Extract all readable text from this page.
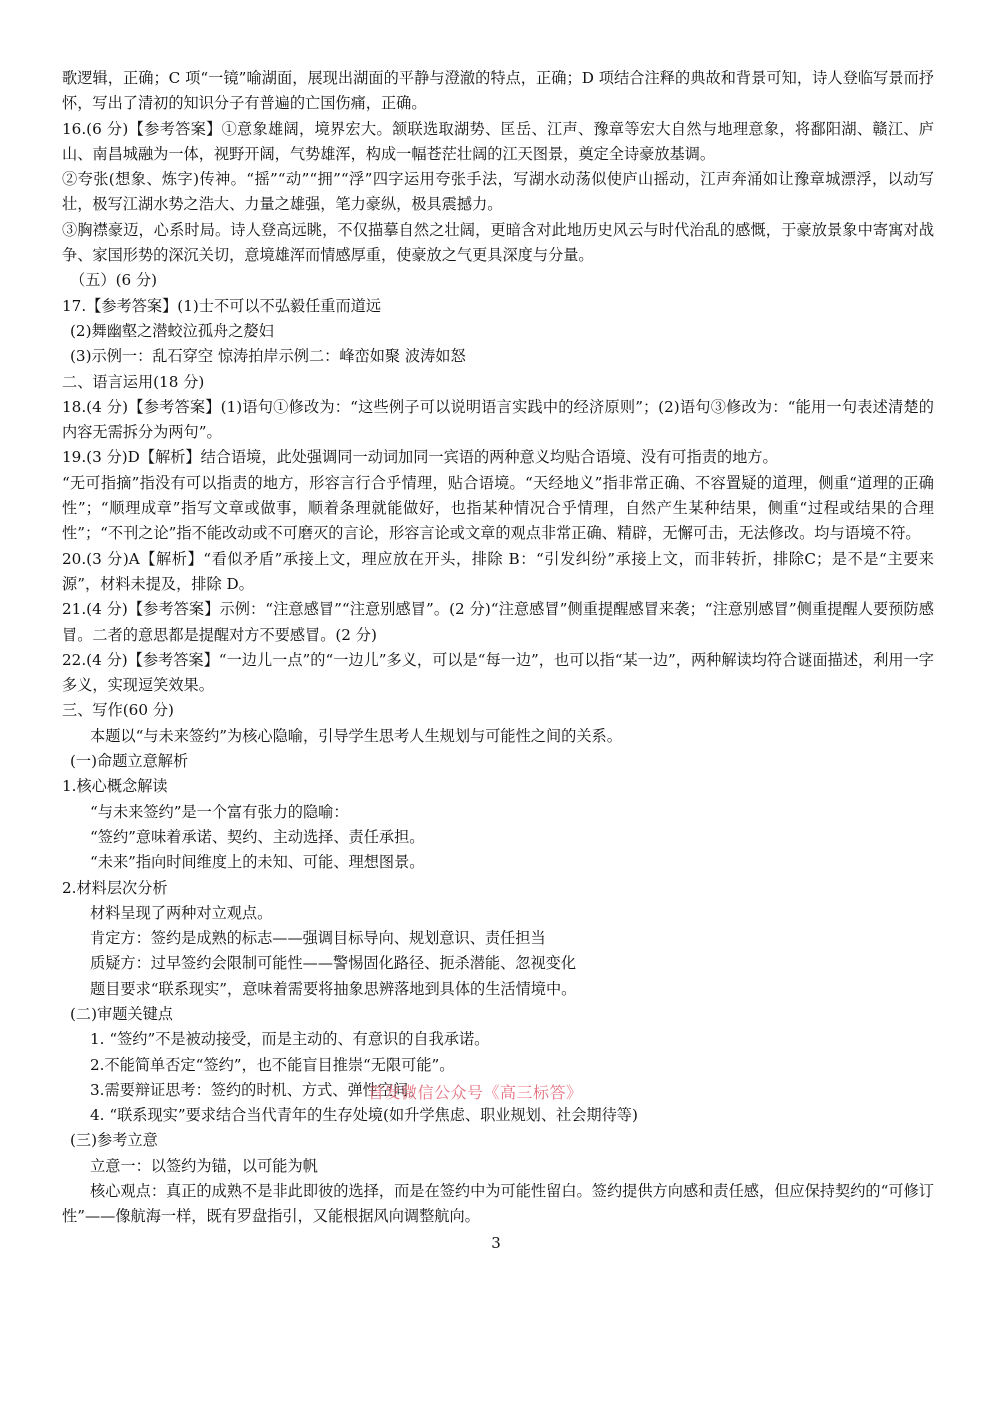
歌逻辑，正确；C 项“一镜”喻湖面，展现出湖面的平静与澄澈的特点，正确；D 项结合注释的典故和背景可知，诗人登临写景而抒怀，写出了清初的知识分子有普遍的亡国伤痛，正确。

16.(6 分)【参考答案】①意象雄阔，境界宏大。颔联选取湖势、匡岳、江声、豫章等宏大自然与地理意象，将鄱阳湖、赣江、庐山、南昌城融为一体，视野开阔，气势雄浑，构成一幅苍茫壮阔的江天图景，奠定全诗豪放基调。

②夸张(想象、炼字)传神。“摇”“动”“拥”“浮”四字运用夸张手法，写湖水动荡似使庐山摇动，江声奔涌如让豫章城漂浮，以动写壮，极写江湖水势之浩大、力量之雄强，笔力豪纵，极具震撼力。

③胸襟豪迈，心系时局。诗人登高远眺，不仅描摹自然之壮阔，更暗含对此地历史风云与时代治乱的感慨，于豪放景象中寄寓对战争、家国形势的深沉关切，意境雄浑而情感厚重，使豪放之气更具深度与分量。

（五）(6 分)

17.【参考答案】(1)士不可以不弘毅任重而道远

(2)舞幽壑之潜蛟泣孤舟之嫠妇

(3)示例一：乱石穿空 惊涛拍岸示例二：峰峦如聚 波涛如怒

二、语言运用(18 分)

18.(4 分)【参考答案】(1)语句①修改为：“这些例子可以说明语言实践中的经济原则”；(2)语句③修改为：“能用一句表述清楚的内容无需拆分为两句”。

19.(3 分)D【解析】结合语境，此处强调同一动词加同一宾语的两种意义均贴合语境、没有可指责的地方。

“无可指摘”指没有可以指责的地方，形容言行合乎情理，贴合语境。“天经地义”指非常正确、不容置疑的道理，侧重“道理的正确性”；“顺理成章”指写文章或做事，顺着条理就能做好，也指某种情况合乎情理，自然产生某种结果，侧重“过程或结果的合理性”；“不刊之论”指不能改动或不可磨灭的言论，形容言论或文章的观点非常正确、精辟，无懈可击，无法修改。均与语境不符。

20.(3 分)A【解析】“看似矛盾”承接上文，理应放在开头，排除 B：“引发纠纷”承接上文，而非转折，排除C；是不是“主要来源”，材料未提及，排除 D。

21.(4 分)【参考答案】示例：“注意感冒”“注意别感冒”。(2 分)“注意感冒”侧重提醒感冒来袭；“注意别感冒”侧重提醒人要预防感冒。二者的意思都是提醒对方不要感冒。(2 分)

22.(4 分)【参考答案】“一边儿一点”的“一边儿”多义，可以是“每一边”，也可以指“某一边”，两种解读均符合谜面描述，利用一字多义，实现逗笑效果。

三、写作(60 分)

本题以“与未来签约”为核心隐喻，引导学生思考人生规划与可能性之间的关系。

(一)命题立意解析

1.核心概念解读

“与未来签约”是一个富有张力的隐喻：

“签约”意味着承诺、契约、主动选择、责任承担。

“未来”指向时间维度上的未知、可能、理想图景。

2.材料层次分析

材料呈现了两种对立观点。

肯定方：签约是成熟的标志——强调目标导向、规划意识、责任担当

质疑方：过早签约会限制可能性——警惕固化路径、扼杀潜能、忽视变化

题目要求“联系现实”，意味着需要将抽象思辨落地到具体的生活情境中。

(二)审题关键点

1. “签约”不是被动接受，而是主动的、有意识的自我承诺。

2.不能简单否定“签约”，也不能盲目推崇“无限可能”。

3.需要辩证思考：签约的时机、方式、弹性空间。

4. “联系现实”要求结合当代青年的生存处境(如升学焦虑、职业规划、社会期待等)

(三)参考立意

立意一：以签约为锚，以可能为帆

核心观点：真正的成熟不是非此即彼的选择，而是在签约中为可能性留白。签约提供方向感和责任感，但应保持契约的“可修订性”——像航海一样，既有罗盘指引，又能根据风向调整航向。

首发微信公众号《高三标答》
3
